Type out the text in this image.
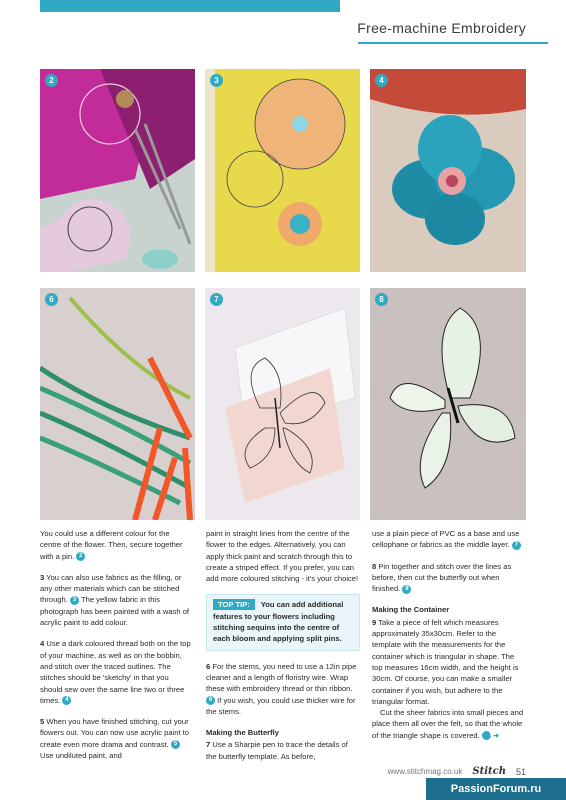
Free-machine Embroidery
2	3	4
6	7	8

You could use a different colour for the centre of the flower. Then, secure together with a pin. 2

3 You can also use fabrics as the filling, or any other materials which can be stitched through. 3 The yellow fabric in this photograph has been painted with a wash of acrylic paint to add colour.

4 Use a dark coloured thread both on the top of your machine, as well as on the bobbin, and stitch over the traced outlines. The stitches should be 'sketchy' in that you should sew over the same line two or three times. 4

5 When you have finished stitching, cut your flowers out. You can now use acrylic paint to create even more drama and contrast. 5 Use undiluted paint, and

paint in straight lines from the centre of the flower to the edges. Alternatively, you can apply thick paint and scratch through this to create a striped effect. If you prefer, you can add more coloured stitching - it's your choice!

TOP TIP: You can add additional features to your flowers including stitching sequins into the centre of each bloom and applying split pins.

6 For the stems, you need to use a 12in pipe cleaner and a length of floristry wire. Wrap these with embroidery thread or thin ribbon. 6 If you wish, you could use thicker wire for the stems.

Making the Butterfly
7 Use a Sharpie pen to trace the details of the butterfly template. As before,

use a plain piece of PVC as a base and use cellophane or fabrics as the middle layer. 7

8 Pin together and stitch over the lines as before, then cut the butterfly out when finished. 8

Making the Container
9 Take a piece of felt which measures approximately 35x30cm. Refer to the template with the measurements for the container which is triangular in shape. The top measures 16cm width, and the height is 30cm. Of course, you can make a smaller container if you wish, but adhere to the triangular format.

Cut the sheer fabrics into small pieces and place them all over the felt, so that the whole of the triangle shape is covered. 9 ➜

www.stitchmag.co.uk Stitch 51
PassionForum.ru
